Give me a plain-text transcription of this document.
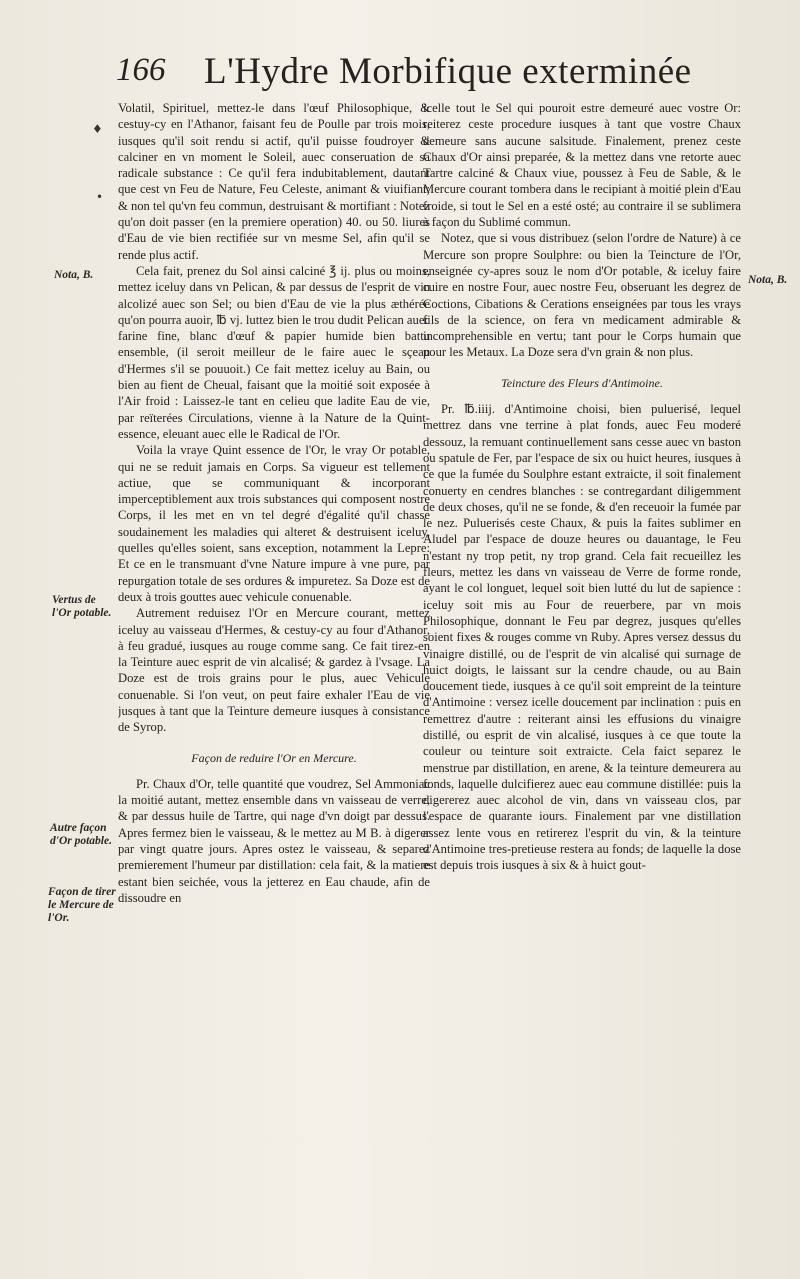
166 L'Hydre Morbifique exterminée
Nota, B.
Vertus de l'Or potable.
Autre façon d'Or potable.
Façon de tirer le Mercure de l'Or.
Nota, B.
♦
•

Volatil, Spirituel, mettez-le dans l'œuf Philosophique, & cestuy-cy en l'Athanor, faisant feu de Poulle par trois mois, iusques qu'il soit rendu si actif, qu'il puisse foudroyer & calciner en vn moment le Soleil, auec conseruation de sa radicale substance : Ce qu'il fera indubitablement, dautant que cest vn Feu de Nature, Feu Celeste, animant & viuifiant; & non tel qu'vn feu commun, destruisant & mortifiant : Notez qu'on doit passer (en la premiere operation) 40. ou 50. liures d'Eau de vie bien rectifiée sur vn mesme Sel, afin qu'il se rende plus actif.

Cela fait, prenez du Sol ainsi calciné ℥ ij. plus ou moins, mettez iceluy dans vn Pelican, & par dessus de l'esprit de vin alcolizé auec son Sel; ou bien d'Eau de vie la plus æthérée qu'on pourra auoir, ℔ vj. luttez bien le trou dudit Pelican auec farine fine, blanc d'œuf & papier humide bien battu ensemble, (il seroit meilleur de le faire auec le sçeau d'Hermes s'il se pouuoit.) Ce fait mettez iceluy au Bain, ou bien au fient de Cheual, faisant que la moitié soit exposée à l'Air froid : Laissez-le tant en celieu que ladite Eau de vie, par reïterées Circulations, vienne à la Nature de la Quint-essence, eleuant auec elle le Radical de l'Or.

Voila la vraye Quint essence de l'Or, le vray Or potable, qui ne se reduit jamais en Corps. Sa vigueur est tellement actiue, que se communiquant & incorporant imperceptiblement aux trois substances qui composent nostre Corps, il les met en vn tel degré d'égalité qu'il chasse soudainement les maladies qui alteret & destruisent iceluy, quelles qu'elles soient, sans exception, notamment la Lepre: Et ce en le transmuant d'vne Nature impure à vne pure, par repurgation totale de ses ordures & impuretez. Sa Doze est de deux à trois gouttes auec vehicule conuenable.

Autrement reduisez l'Or en Mercure courant, mettez iceluy au vaisseau d'Hermes, & cestuy-cy au four d'Athanor, à feu gradué, iusques au rouge comme sang. Ce fait tirez-en la Teinture auec esprit de vin alcalisé; & gardez à l'vsage. La Doze est de trois grains pour le plus, auec Vehicule conuenable. Si l'on veut, on peut faire exhaler l'Eau de vie jusques à tant que la Teinture demeure iusques à consistance de Syrop.

Façon de reduire l'Or en Mercure.

Pr. Chaux d'Or, telle quantité que voudrez, Sel Ammoniac la moitié autant, mettez ensemble dans vn vaisseau de verre, & par dessus huile de Tartre, qui nage d'vn doigt par dessus. Apres fermez bien le vaisseau, & le mettez au M B. à digerer par vingt quatre jours. Apres ostez le vaisseau, & separez premierement l'humeur par distillation: cela fait, & la matiere estant bien seichée, vous la jetterez en Eau chaude, afin de dissoudre en

icelle tout le Sel qui pouroit estre demeuré auec vostre Or: reiterez ceste procedure iusques à tant que vostre Chaux demeure sans aucune salsitude. Finalement, prenez ceste Chaux d'Or ainsi preparée, & la mettez dans vne retorte auec Tartre calciné & Chaux viue, poussez à Feu de Sable, & le Mercure courant tombera dans le recipiant à moitié plein d'Eau froide, si tout le Sel en a esté osté; au contraire il se sublimera à façon du Sublimé commun.

Notez, que si vous distribuez (selon l'ordre de Nature) à ce Mercure son propre Soulphre: ou bien la Teincture de l'Or, enseignée cy-apres souz le nom d'Or potable, & iceluy faire cuire en nostre Four, auec nostre Feu, obseruant les degrez de Coctions, Cibations & Cerations enseignées par tous les vrays fils de la science, on fera vn medicament admirable & incomprehensible en vertu; tant pour le Corps humain que pour les Metaux. La Doze sera d'vn grain & non plus.

Teincture des Fleurs d'Antimoine.

Pr. ℔.iiij. d'Antimoine choisi, bien puluerisé, lequel mettrez dans vne terrine à plat fonds, auec Feu moderé dessouz, la remuant continuellement sans cesse auec vn baston ou spatule de Fer, par l'espace de six ou huict heures, iusques à ce que la fumée du Soulphre estant extraicte, il soit finalement conuerty en cendres blanches : se contregardant diligemment de deux choses, qu'il ne se fonde, & d'en receuoir la fumée par le nez. Puluerisés ceste Chaux, & puis la faites sublimer en Aludel par l'espace de douze heures ou dauantage, le Feu n'estant ny trop petit, ny trop grand. Cela fait recueillez les fleurs, mettez les dans vn vaisseau de Verre de forme ronde, ayant le col longuet, lequel soit bien lutté du lut de sapience : iceluy soit mis au Four de reuerbere, par vn mois Philosophique, donnant le Feu par degrez, jusques qu'elles soient fixes & rouges comme vn Ruby. Apres versez dessus du vinaigre distillé, ou de l'esprit de vin alcalisé qui surnage de huict doigts, le laissant sur la cendre chaude, ou au Bain doucement tiede, iusques à ce qu'il soit empreint de la teinture d'Antimoine : versez icelle doucement par inclination : puis en remettrez d'autre : reiterant ainsi les effusions du vinaigre distillé, ou esprit de vin alcalisé, iusques à ce que toute la couleur ou teinture soit extraicte. Cela faict separez le menstrue par distillation, en arene, & la teinture demeurera au fonds, laquelle dulcifierez auec eau commune distillée: puis la digererez auec alcohol de vin, dans vn vaisseau clos, par l'espace de quarante iours. Finalement par vne distillation assez lente vous en retirerez l'esprit du vin, & la teinture d'Antimoine tres-pretieuse restera au fonds; de laquelle la dose est depuis trois iusques à six & à huict gout-
